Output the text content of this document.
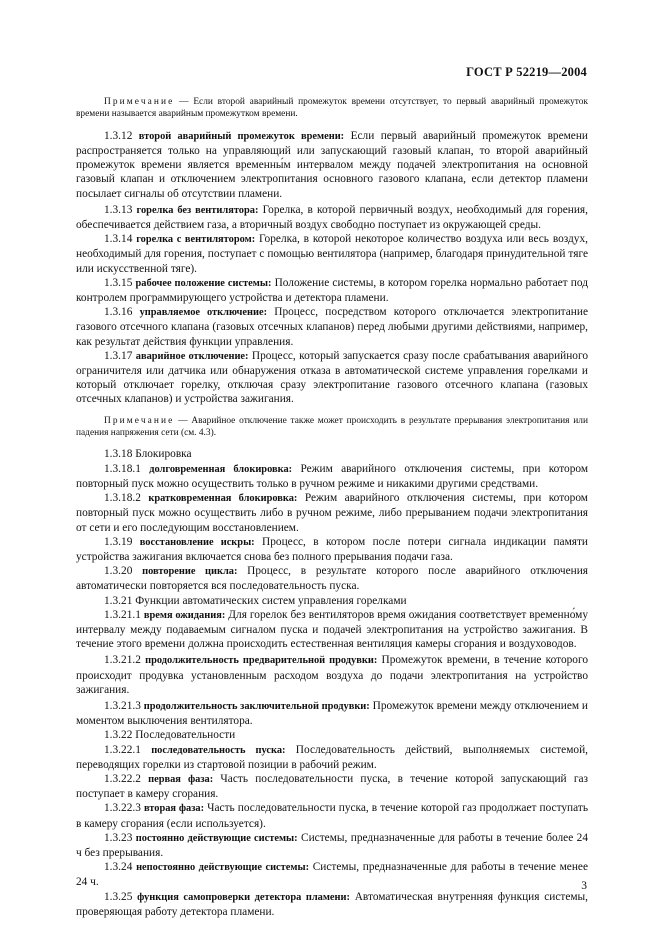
ГОСТ Р 52219—2004

Примечание — Если второй аварийный промежуток времени отсутствует, то первый аварийный промежуток времени называется аварийным промежутком времени.

1.3.12 второй аварийный промежуток времени: Если первый аварийный промежуток времени распространяется только на управляющий или запускающий газовый клапан, то второй аварийный промежуток времени является временны́м интервалом между подачей электропитания на основной газовый клапан и отключением электропитания основного газового клапана, если детектор пламени посылает сигналы об отсутствии пламени.

1.3.13 горелка без вентилятора: Горелка, в которой первичный воздух, необходимый для горения, обеспечивается действием газа, а вторичный воздух свободно поступает из окружающей среды.

1.3.14 горелка с вентилятором: Горелка, в которой некоторое количество воздуха или весь воздух, необходимый для горения, поступает с помощью вентилятора (например, благодаря принудительной тяге или искусственной тяге).

1.3.15 рабочее положение системы: Положение системы, в котором горелка нормально работает под контролем программирующего устройства и детектора пламени.

1.3.16 управляемое отключение: Процесс, посредством которого отключается электропитание газового отсечного клапана (газовых отсечных клапанов) перед любыми другими действиями, например, как результат действия функции управления.

1.3.17 аварийное отключение: Процесс, который запускается сразу после срабатывания аварийного ограничителя или датчика или обнаружения отказа в автоматической системе управления горелками и который отключает горелку, отключая сразу электропитание газового отсечного клапана (газовых отсечных клапанов) и устройства зажигания.

Примечание — Аварийное отключение также может происходить в результате прерывания электропитания или падения напряжения сети (см. 4.3).

1.3.18 Блокировка

1.3.18.1 долговременная блокировка: Режим аварийного отключения системы, при котором повторный пуск можно осуществить только в ручном режиме и никакими другими средствами.

1.3.18.2 кратковременная блокировка: Режим аварийного отключения системы, при котором повторный пуск можно осуществить либо в ручном режиме, либо прерыванием подачи электропитания от сети и его последующим восстановлением.

1.3.19 восстановление искры: Процесс, в котором после потери сигнала индикации памяти устройства зажигания включается снова без полного прерывания подачи газа.

1.3.20 повторение цикла: Процесс, в результате которого после аварийного отключения автоматически повторяется вся последовательность пуска.

1.3.21 Функции автоматических систем управления горелками

1.3.21.1 время ожидания: Для горелок без вентиляторов время ожидания соответствует временно́му интервалу между подаваемым сигналом пуска и подачей электропитания на устройство зажигания. В течение этого времени должна происходить естественная вентиляция камеры сгорания и воздуховодов.

1.3.21.2 продолжительность предварительной продувки: Промежуток времени, в течение которого происходит продувка установленным расходом воздуха до подачи электропитания на устройство зажигания.

1.3.21.3 продолжительность заключительной продувки: Промежуток времени между отключением и моментом выключения вентилятора.

1.3.22 Последовательности

1.3.22.1 последовательность пуска: Последовательность действий, выполняемых системой, переводящих горелки из стартовой позиции в рабочий режим.

1.3.22.2 первая фаза: Часть последовательности пуска, в течение которой запускающий газ поступает в камеру сгорания.

1.3.22.3 вторая фаза: Часть последовательности пуска, в течение которой газ продолжает поступать в камеру сгорания (если используется).

1.3.23 постоянно действующие системы: Системы, предназначенные для работы в течение более 24 ч без прерывания.

1.3.24 непостоянно действующие системы: Системы, предназначенные для работы в течение менее 24 ч.

1.3.25 функция самопроверки детектора пламени: Автоматическая внутренняя функция системы, проверяющая работу детектора пламени.

3
